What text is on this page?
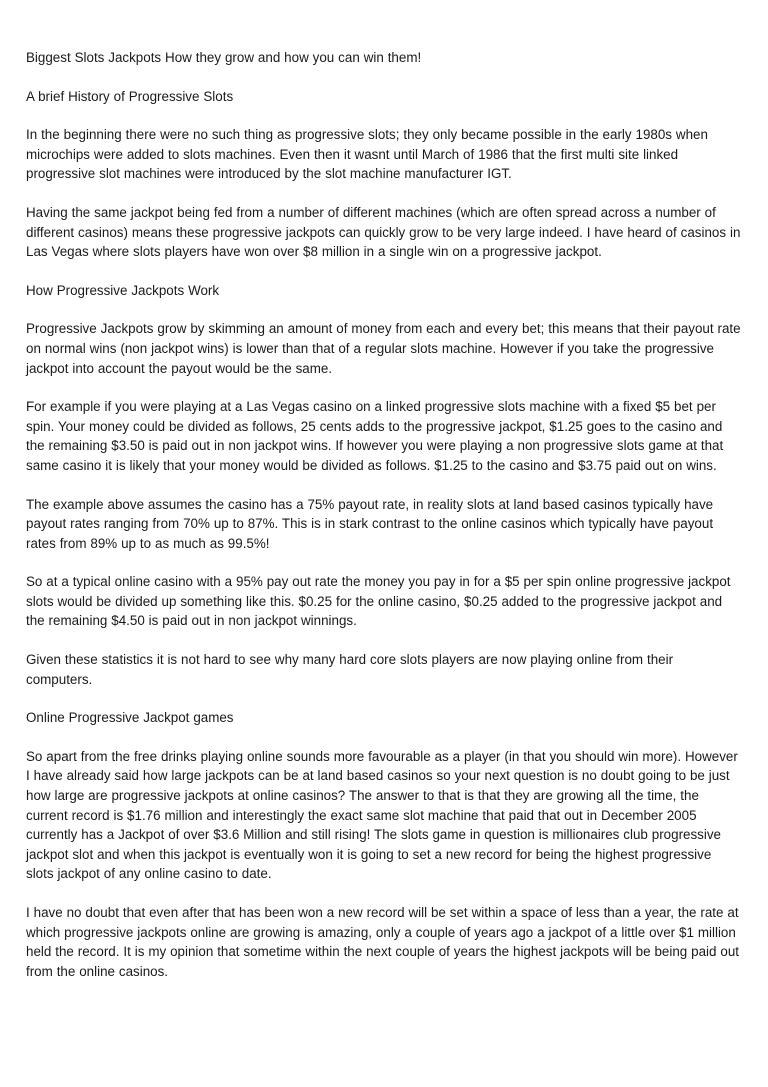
Biggest Slots Jackpots How they grow and how you can win them!

A brief History of Progressive Slots

In the beginning there were no such thing as progressive slots; they only became possible in the early 1980s when microchips were added to slots machines. Even then it wasnt until March of 1986 that the first multi site linked progressive slot machines were introduced by the slot machine manufacturer IGT.

Having the same jackpot being fed from a number of different machines (which are often spread across a number of different casinos) means these progressive jackpots can quickly grow to be very large indeed. I have heard of casinos in Las Vegas where slots players have won over $8 million in a single win on a progressive jackpot.

How Progressive Jackpots Work

Progressive Jackpots grow by skimming an amount of money from each and every bet; this means that their payout rate on normal wins (non jackpot wins) is lower than that of a regular slots machine. However if you take the progressive jackpot into account the payout would be the same.

For example if you were playing at a Las Vegas casino on a linked progressive slots machine with a fixed $5 bet per spin. Your money could be divided as follows, 25 cents adds to the progressive jackpot, $1.25 goes to the casino and the remaining $3.50 is paid out in non jackpot wins. If however you were playing a non progressive slots game at that same casino it is likely that your money would be divided as follows. $1.25 to the casino and $3.75 paid out on wins.

The example above assumes the casino has a 75% payout rate, in reality slots at land based casinos typically have payout rates ranging from 70% up to 87%. This is in stark contrast to the online casinos which typically have payout rates from 89% up to as much as 99.5%!

So at a typical online casino with a 95% pay out rate the money you pay in for a $5 per spin online progressive jackpot slots would be divided up something like this. $0.25 for the online casino, $0.25 added to the progressive jackpot and the remaining $4.50 is paid out in non jackpot winnings.

Given these statistics it is not hard to see why many hard core slots players are now playing online from their computers.

Online Progressive Jackpot games

So apart from the free drinks playing online sounds more favourable as a player (in that you should win more). However I have already said how large jackpots can be at land based casinos so your next question is no doubt going to be just how large are progressive jackpots at online casinos? The answer to that is that they are growing all the time, the current record is $1.76 million and interestingly the exact same slot machine that paid that out in December 2005 currently has a Jackpot of over $3.6 Million and still rising! The slots game in question is millionaires club progressive jackpot slot and when this jackpot is eventually won it is going to set a new record for being the highest progressive slots jackpot of any online casino to date.

I have no doubt that even after that has been won a new record will be set within a space of less than a year, the rate at which progressive jackpots online are growing is amazing, only a couple of years ago a jackpot of a little over $1 million held the record. It is my opinion that sometime within the next couple of years the highest jackpots will be being paid out from the online casinos.
